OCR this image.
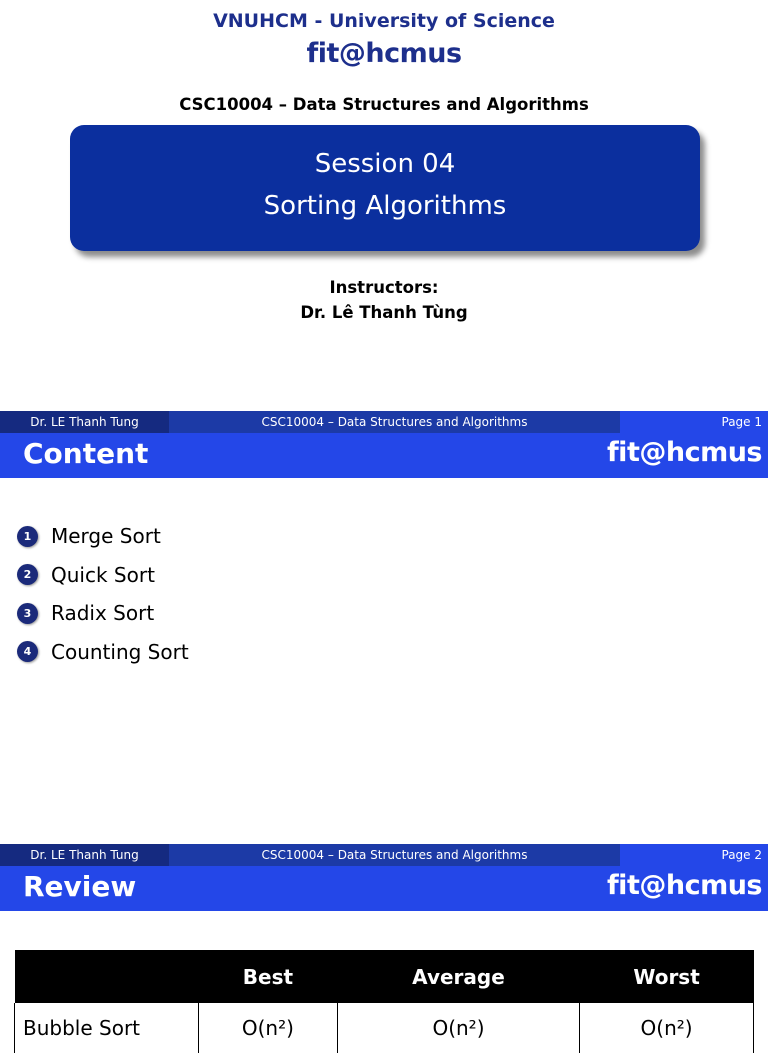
VNUHCM - University of Science
fit@hcmus
CSC10004 – Data Structures and Algorithms
Session 04
Sorting Algorithms
Instructors:
Dr. Lê Thanh Tùng
Dr. LE Thanh Tung	CSC10004 – Data Structures and Algorithms	Page 1
Content	fit@hcmus
1 Merge Sort
2 Quick Sort
3 Radix Sort
4 Counting Sort
Dr. LE Thanh Tung	CSC10004 – Data Structures and Algorithms	Page 2
Review	fit@hcmus
	Best	Average	Worst
Bubble Sort	O(n²)	O(n²)	O(n²)
